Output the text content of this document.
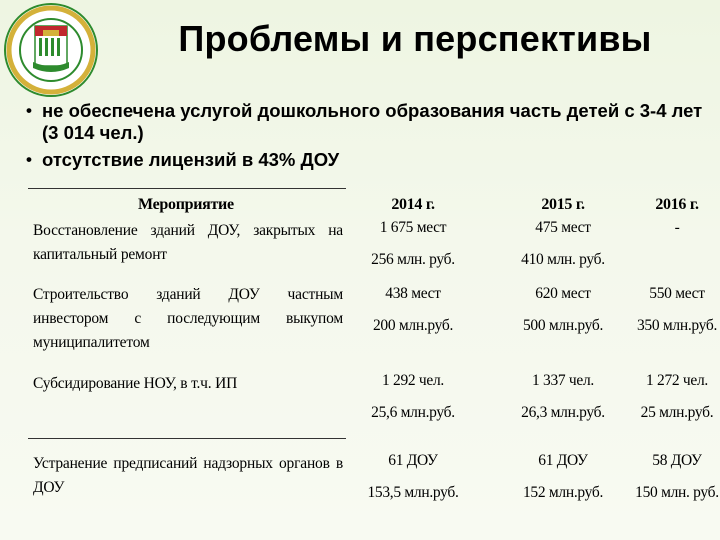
Проблемы и перспективы
• не обеспечена услугой дошкольного образования часть детей с 3-4 лет (3 014 чел.)
• отсутствие лицензий в 43% ДОУ
Мероприятие	2014 г.	2015 г.	2016 г.
Восстановление зданий ДОУ, закрытых на капитальный ремонт
1 675 мест	475 мест	-
256 млн. руб.	410 млн. руб.
Строительство зданий ДОУ частным инвестором с последующим выкупом муниципалитетом
438 мест	620 мест	550 мест
200 млн.руб.	500 млн.руб.	350 млн.руб.
Субсидирование НОУ, в т.ч. ИП	1 292 чел.	1 337 чел.	1 272 чел.
25,6 млн.руб.	26,3 млн.руб.	25 млн.руб.
Устранение предписаний надзорных органов в ДОУ
61 ДОУ	61 ДОУ	58 ДОУ
153,5 млн.руб.	152 млн.руб.	150 млн. руб.
